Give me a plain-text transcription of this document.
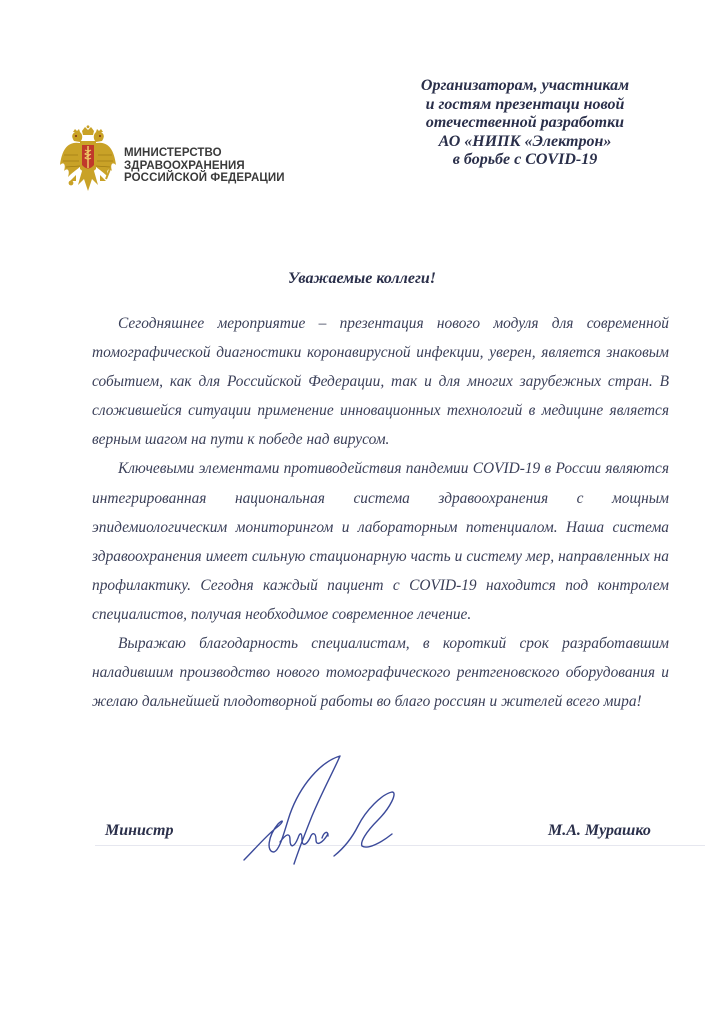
МИНИСТЕРСТВО
ЗДРАВООХРАНЕНИЯ
РОССИЙСКОЙ ФЕДЕРАЦИИ
Организаторам, участникам
и гостям презентаци новой
отечественной разработки
АО «НИПК «Электрон»
в борьбе с COVID-19
Уважаемые коллеги!

Сегодняшнее мероприятие – презентация нового модуля для современной томографической диагностики коронавирусной инфекции, уверен, является знаковым событием, как для Российской Федерации, так и для многих зарубежных стран. В сложившейся ситуации применение инновационных технологий в медицине является верным шагом на пути к победе над вирусом.

Ключевыми элементами противодействия пандемии COVID-19 в России являются интегрированная национальная система здравоохранения с мощным эпидемиологическим мониторингом и лабораторным потенциалом. Наша система здравоохранения имеет сильную стационарную часть и систему мер, направленных на профилактику. Сегодня каждый пациент с COVID-19 находится под контролем специалистов, получая необходимое современное лечение.

Выражаю благодарность специалистам, в короткий срок разработавшим наладившим производство нового томографического рентгеновского оборудования и желаю дальнейшей плодотворной работы во благо россиян и жителей всего мира!

Министр	М.А. Мурашко
